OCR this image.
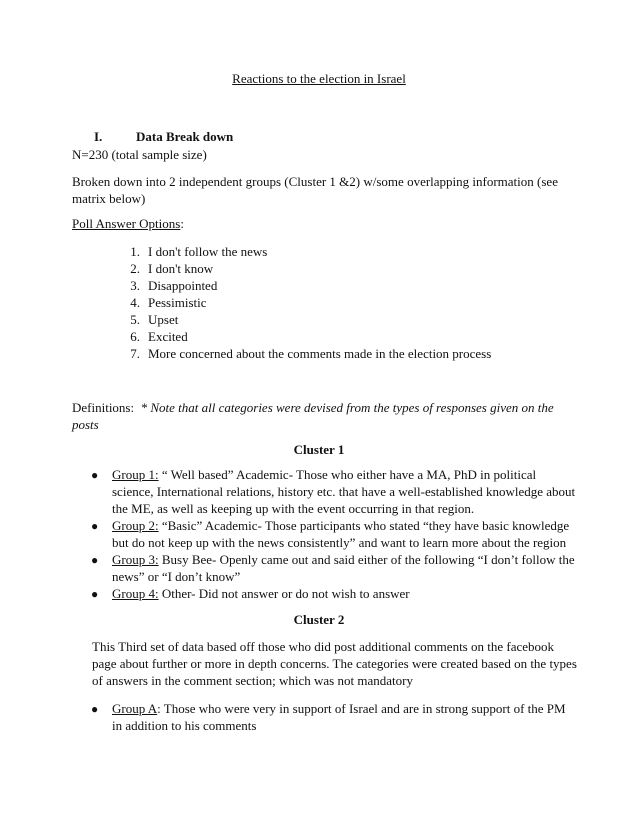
Reactions to the election in Israel
I.	Data Break down
N=230 (total sample size)
Broken down into 2 independent groups (Cluster 1 &2) w/some overlapping information (see
matrix below)
Poll Answer Options:
1. I don't follow the news
2. I don't know
3. Disappointed
4. Pessimistic
5. Upset
6. Excited
7. More concerned about the comments made in the election process
Definitions: * Note that all categories were devised from the types of responses given on the
posts
Cluster 1
● Group 1: “ Well based” Academic- Those who either have a MA, PhD in political
science, International relations, history etc. that have a well-established knowledge about
the ME, as well as keeping up with the event occurring in that region.
● Group 2: “Basic” Academic- Those participants who stated “they have basic knowledge
but do not keep up with the news consistently” and want to learn more about the region
● Group 3: Busy Bee- Openly came out and said either of the following “I don’t follow the
news” or “I don’t know”
● Group 4: Other- Did not answer or do not wish to answer
Cluster 2
This Third set of data based off those who did post additional comments on the facebook
page about further or more in depth concerns. The categories were created based on the types
of answers in the comment section; which was not mandatory
● Group A: Those who were very in support of Israel and are in strong support of the PM
in addition to his comments
